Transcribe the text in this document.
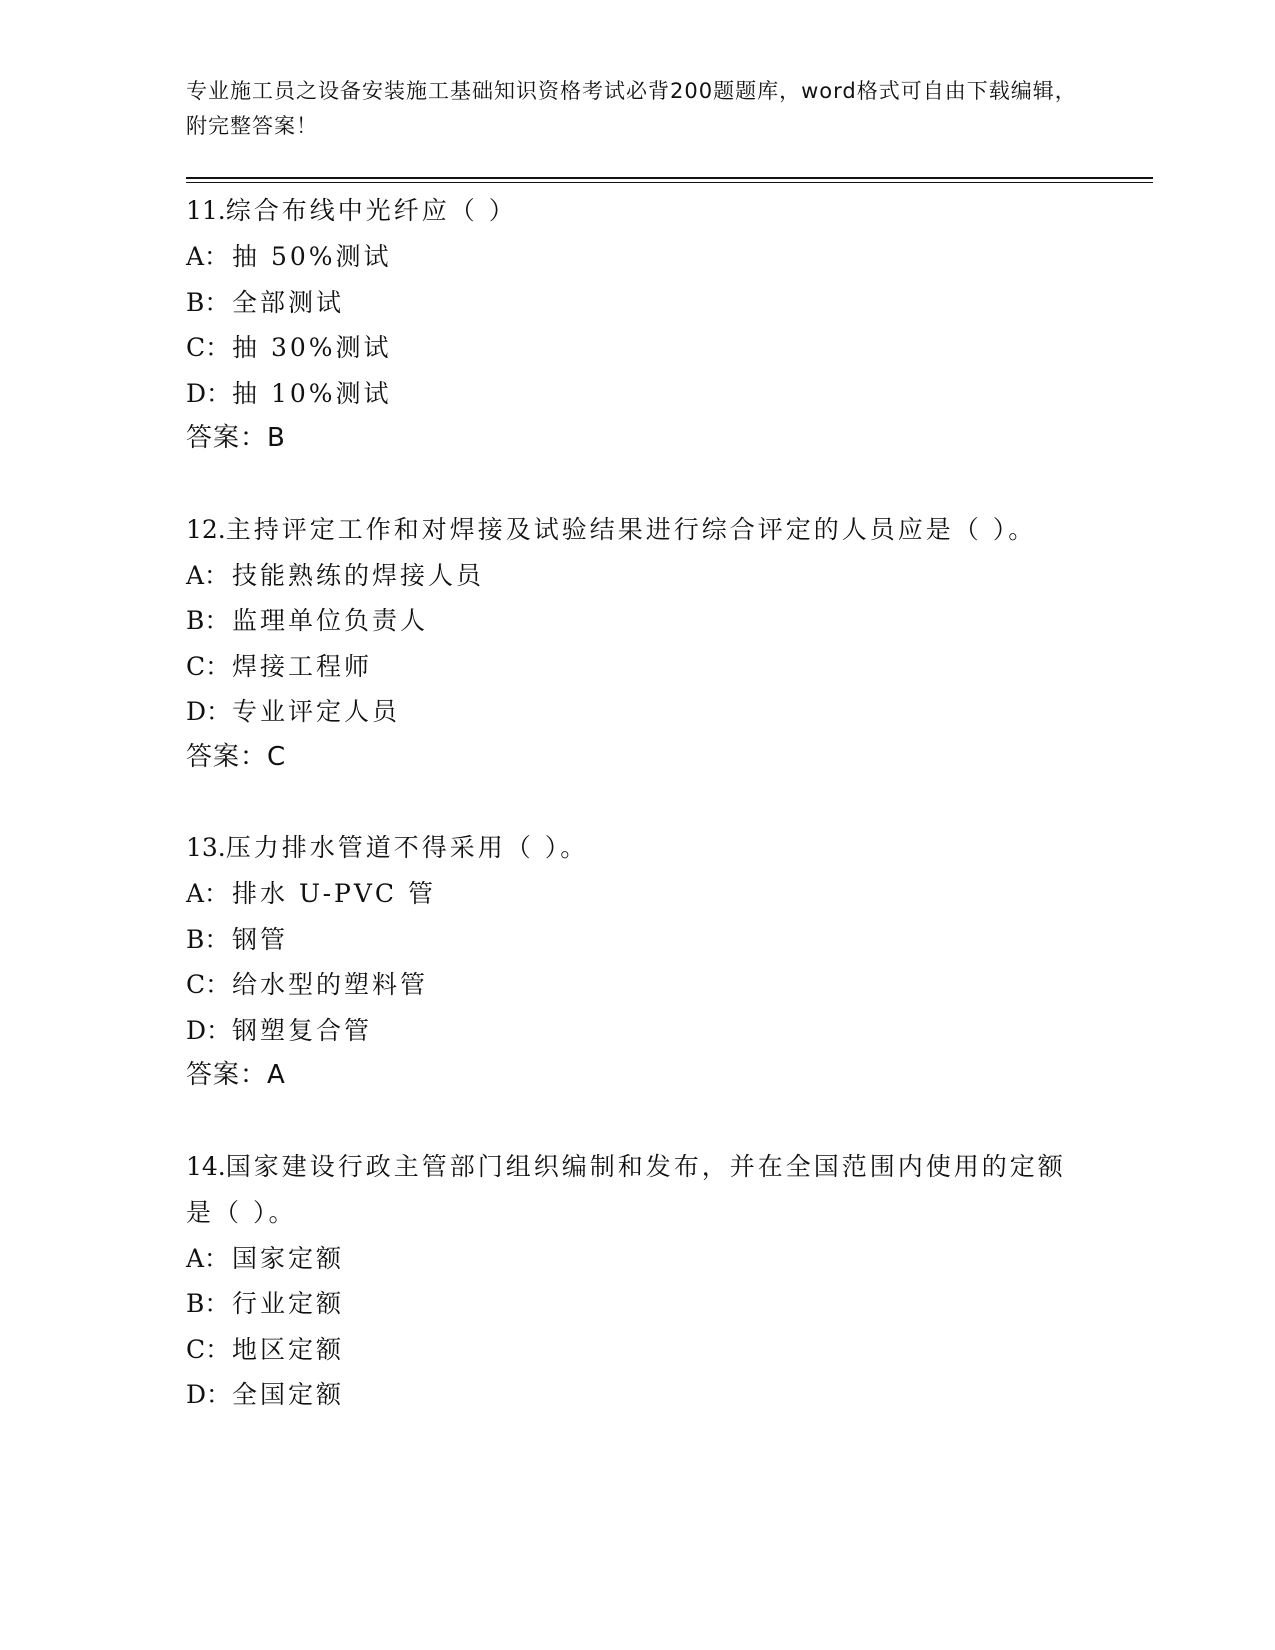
专业施工员之设备安装施工基础知识资格考试必背200题题库，word格式可自由下载编辑，附完整答案！
11.综合布线中光纤应（ ）
A： 抽 50%测试
B： 全部测试
C：抽 30%测试
D：抽 10%测试
答案：B
12.主持评定工作和对焊接及试验结果进行综合评定的人员应是（ ）。
A： 技能熟练的焊接人员
B： 监理单位负责人
C：焊接工程师
D：专业评定人员
答案：C
13.压力排水管道不得采用（ ）。
A： 排水 U-PVC 管
B： 钢管
C：给水型的塑料管
D：钢塑复合管
答案：A
14.国家建设行政主管部门组织编制和发布，并在全国范围内使用的定额是（ ）。
A： 国家定额
B： 行业定额
C：地区定额
D：全国定额
